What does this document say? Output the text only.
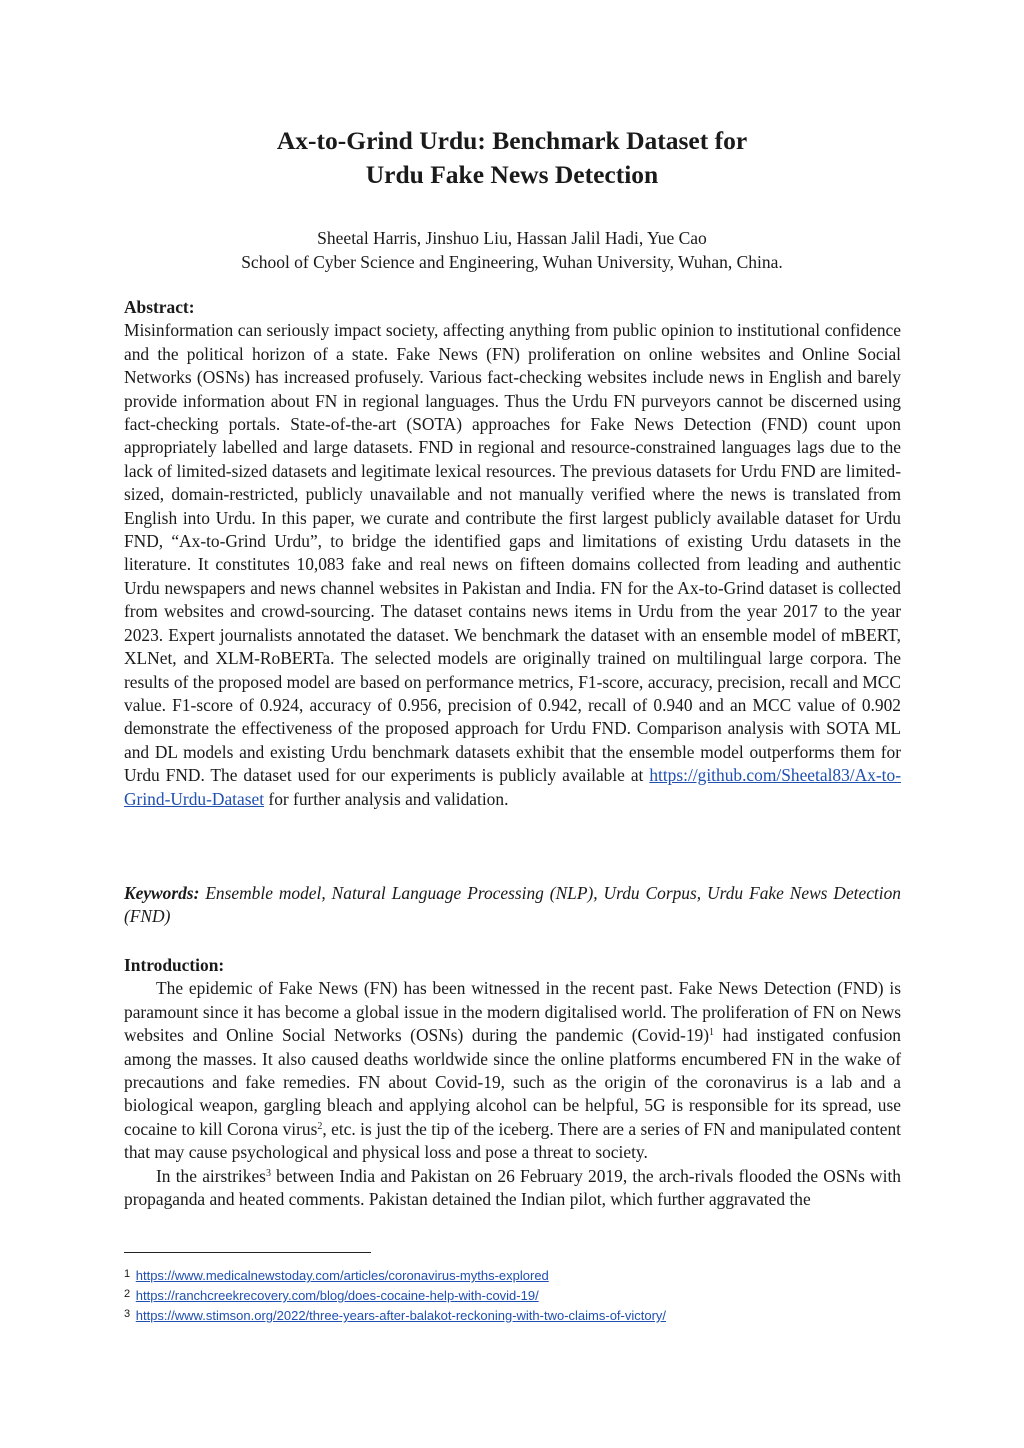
Ax-to-Grind Urdu: Benchmark Dataset for
Urdu Fake News Detection
Sheetal Harris, Jinshuo Liu, Hassan Jalil Hadi, Yue Cao
School of Cyber Science and Engineering, Wuhan University, Wuhan, China.
Abstract:
Misinformation can seriously impact society, affecting anything from public opinion to institutional confidence and the political horizon of a state. Fake News (FN) proliferation on online websites and Online Social Networks (OSNs) has increased profusely. Various fact-checking websites include news in English and barely provide information about FN in regional languages. Thus the Urdu FN purveyors cannot be discerned using fact-checking portals. State-of-the-art (SOTA) approaches for Fake News Detection (FND) count upon appropriately labelled and large datasets. FND in regional and resource-constrained languages lags due to the lack of limited-sized datasets and legitimate lexical resources. The previous datasets for Urdu FND are limited-sized, domain-restricted, publicly unavailable and not manually verified where the news is translated from English into Urdu. In this paper, we curate and contribute the first largest publicly available dataset for Urdu FND, “Ax-to-Grind Urdu”, to bridge the identified gaps and limitations of existing Urdu datasets in the literature. It constitutes 10,083 fake and real news on fifteen domains collected from leading and authentic Urdu newspapers and news channel websites in Pakistan and India. FN for the Ax-to-Grind dataset is collected from websites and crowd-sourcing. The dataset contains news items in Urdu from the year 2017 to the year 2023. Expert journalists annotated the dataset. We benchmark the dataset with an ensemble model of mBERT, XLNet, and XLM-RoBERTa. The selected models are originally trained on multilingual large corpora. The results of the proposed model are based on performance metrics, F1-score, accuracy, precision, recall and MCC value. F1-score of 0.924, accuracy of 0.956, precision of 0.942, recall of 0.940 and an MCC value of 0.902 demonstrate the effectiveness of the proposed approach for Urdu FND. Comparison analysis with SOTA ML and DL models and existing Urdu benchmark datasets exhibit that the ensemble model outperforms them for Urdu FND. The dataset used for our experiments is publicly available at https://github.com/Sheetal83/Ax-to-Grind-Urdu-Dataset for further analysis and validation.
Keywords: Ensemble model, Natural Language Processing (NLP), Urdu Corpus, Urdu Fake News Detection (FND)
Introduction:

The epidemic of Fake News (FN) has been witnessed in the recent past. Fake News Detection (FND) is paramount since it has become a global issue in the modern digitalised world. The proliferation of FN on News websites and Online Social Networks (OSNs) during the pandemic (Covid-19)$^1$ had instigated confusion among the masses. It also caused deaths worldwide since the online platforms encumbered FN in the wake of precautions and fake remedies. FN about Covid-19, such as the origin of the coronavirus is a lab and a biological weapon, gargling bleach and applying alcohol can be helpful, 5G is responsible for its spread, use cocaine to kill Corona virus$^2$, etc. is just the tip of the iceberg. There are a series of FN and manipulated content that may cause psychological and physical loss and pose a threat to society.

In the airstrikes$^3$ between India and Pakistan on 26 February 2019, the arch-rivals flooded the OSNs with propaganda and heated comments. Pakistan detained the Indian pilot, which further aggravated the

$^1$ https://www.medicalnewstoday.com/articles/coronavirus-myths-explored
$^2$ https://ranchcreekrecovery.com/blog/does-cocaine-help-with-covid-19/
$^3$ https://www.stimson.org/2022/three-years-after-balakot-reckoning-with-two-claims-of-victory/
